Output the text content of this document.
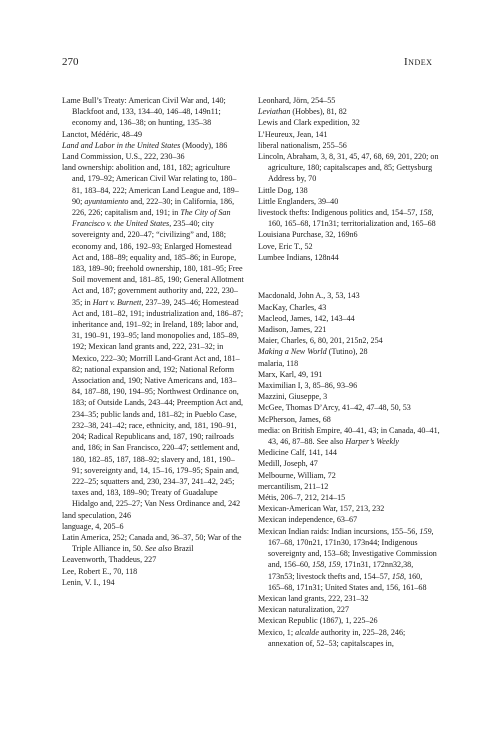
270	Index

Lame Bull’s Treaty: American Civil War and, 140; Blackfoot and, 133, 134–40, 146–48, 149n11; economy and, 136–38; on hunting, 135–38

Lanctot, Médéric, 48–49

Land and Labor in the United States (Moody), 186

Land Commission, U.S., 222, 230–36

land ownership: abolition and, 181, 182; agriculture and, 179–92; American Civil War relating to, 180–81, 183–84, 222; American Land League and, 189–90; ayuntamiento and, 222–30; in California, 186, 226, 226; capitalism and, 191; in The City of San Francisco v. the United States, 235–40; city sovereignty and, 220–47; “civilizing” and, 188; economy and, 186, 192–93; Enlarged Homestead Act and, 188–89; equality and, 185–86; in Europe, 183, 189–90; freehold ownership, 180, 181–95; Free Soil movement and, 181–85, 190; General Allotment Act and, 187; government authority and, 222, 230–35; in Hart v. Burnett, 237–39, 245–46; Homestead Act and, 181–82, 191; industrialization and, 186–87; inheritance and, 191–92; in Ireland, 189; labor and, 31, 190–91, 193–95; land monopolies and, 185–89, 192; Mexican land grants and, 222, 231–32; in Mexico, 222–30; Morrill Land-Grant Act and, 181–82; national expansion and, 192; National Reform Association and, 190; Native Americans and, 183–84, 187–88, 190, 194–95; Northwest Ordinance on, 183; of Outside Lands, 243–44; Preemption Act and, 234–35; public lands and, 181–82; in Pueblo Case, 232–38, 241–42; race, ethnicity, and, 181, 190–91, 204; Radical Republicans and, 187, 190; railroads and, 186; in San Francisco, 220–47; settlement and, 180, 182–85, 187, 188–92; slavery and, 181, 190–91; sovereignty and, 14, 15–16, 179–95; Spain and, 222–25; squatters and, 230, 234–37, 241–42, 245; taxes and, 183, 189–90; Treaty of Guadalupe Hidalgo and, 225–27; Van Ness Ordinance and, 242

land speculation, 246

language, 4, 205–6

Latin America, 252; Canada and, 36–37, 50; War of the Triple Alliance in, 50. See also Brazil

Leavenworth, Thaddeus, 227

Lee, Robert E., 70, 118

Lenin, V. I., 194

Leonhard, Jörn, 254–55

Leviathan (Hobbes), 81, 82

Lewis and Clark expedition, 32

L’Heureux, Jean, 141

liberal nationalism, 255–56

Lincoln, Abraham, 3, 8, 31, 45, 47, 68, 69, 201, 220; on agriculture, 180; capitalscapes and, 85; Gettysburg Address by, 70

Little Dog, 138

Little Englanders, 39–40

livestock thefts: Indigenous politics and, 154–57, 158, 160, 165–68, 171n31; territorialization and, 165–68

Louisiana Purchase, 32, 169n6

Love, Eric T., 52

Lumbee Indians, 128n44

Macdonald, John A., 3, 53, 143

MacKay, Charles, 43

Macleod, James, 142, 143–44

Madison, James, 221

Maier, Charles, 6, 80, 201, 215n2, 254

Making a New World (Tutino), 28

malaria, 118

Marx, Karl, 49, 191

Maximilian I, 3, 85–86, 93–96

Mazzini, Giuseppe, 3

McGee, Thomas D’Arcy, 41–42, 47–48, 50, 53

McPherson, James, 68

media: on British Empire, 40–41, 43; in Canada, 40–41, 43, 46, 87–88. See also Harper’s Weekly

Medicine Calf, 141, 144

Medill, Joseph, 47

Melbourne, William, 72

mercantilism, 211–12

Métis, 206–7, 212, 214–15

Mexican-American War, 157, 213, 232

Mexican independence, 63–67

Mexican Indian raids: Indian incursions, 155–56, 159, 167–68, 170n21, 171n30, 173n44; Indigenous sovereignty and, 153–68; Investigative Commission and, 156–60, 158, 159, 171n31, 172nn32,38, 173n53; livestock thefts and, 154–57, 158, 160, 165–68, 171n31; United States and, 156, 161–68

Mexican land grants, 222, 231–32

Mexican naturalization, 227

Mexican Republic (1867), 1, 225–26

Mexico, 1; alcalde authority in, 225–28, 246; annexation of, 52–53; capitalscapes in,
